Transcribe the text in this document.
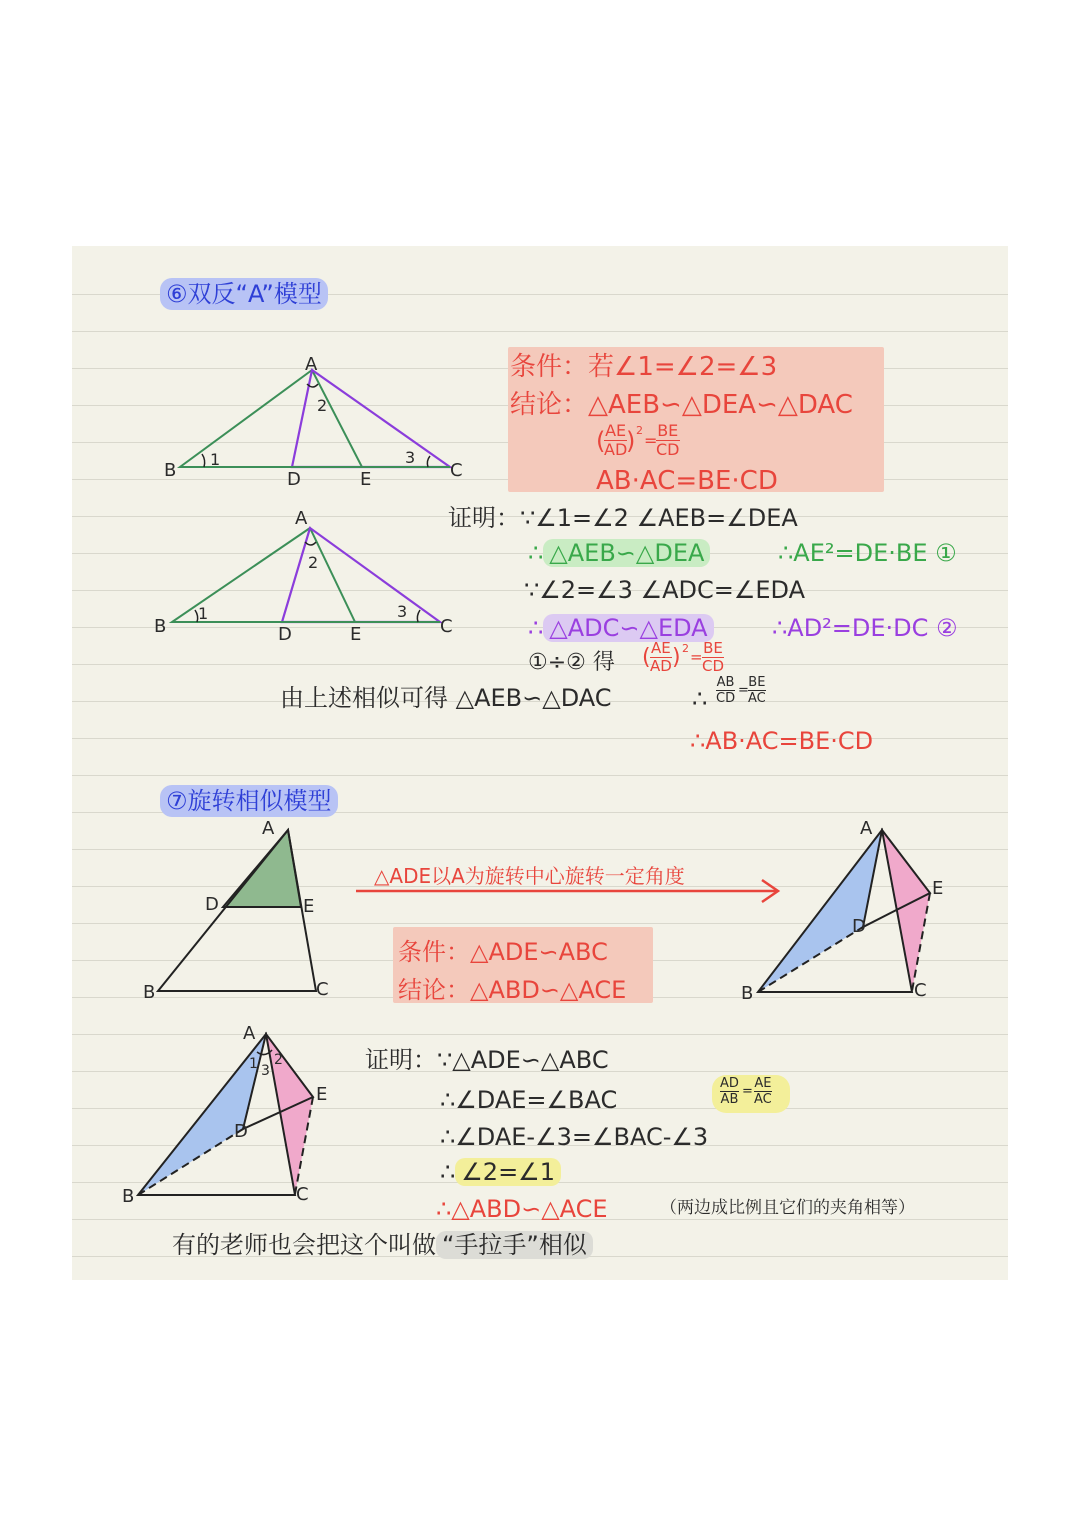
⑥双反“A”模型
条件：若∠1=∠2=∠3
结论：△AEB∽△DEA∽△DAC
( AE
AD
) 2
=
BE
CD
AB·AC=BE·CD
A
B	C
D	E
1
2
3
A
B	C
D	E
1
2
3
证明：∵∠1=∠2 ∠AEB=∠DEA
∴ △AEB∽△DEA	∴AE²=DE·BE ①
∵∠2=∠3 ∠ADC=∠EDA
∴ △ADC∽△EDA	∴AD²=DE·DC ②
①÷② 得 ( AE
AD ) 2 = BE
CD
由上述相似可得 △AEB∽△DAC	∴
AB
CD
=
BE
AC
∴AB·AC=BE·CD
⑦旋转相似模型
A
D	E
B	C
△ADE以A为旋转中心旋转一定角度
条件：△ADE∽ABC
结论：△ABD∽△ACE
A
E
D
B	C
A
1 3
2
E
D
B	C
证明：∵△ADE∽△ABC
∴∠DAE=∠BAC
AD
AB
=
AE
AC
∴∠DAE-∠3=∠BAC-∠3
∴ ∠2=∠1
∴△ABD∽△ACE	（两边成比例且它们的夹角相等）
有的老师也会把这个叫做 “手拉手”相似
